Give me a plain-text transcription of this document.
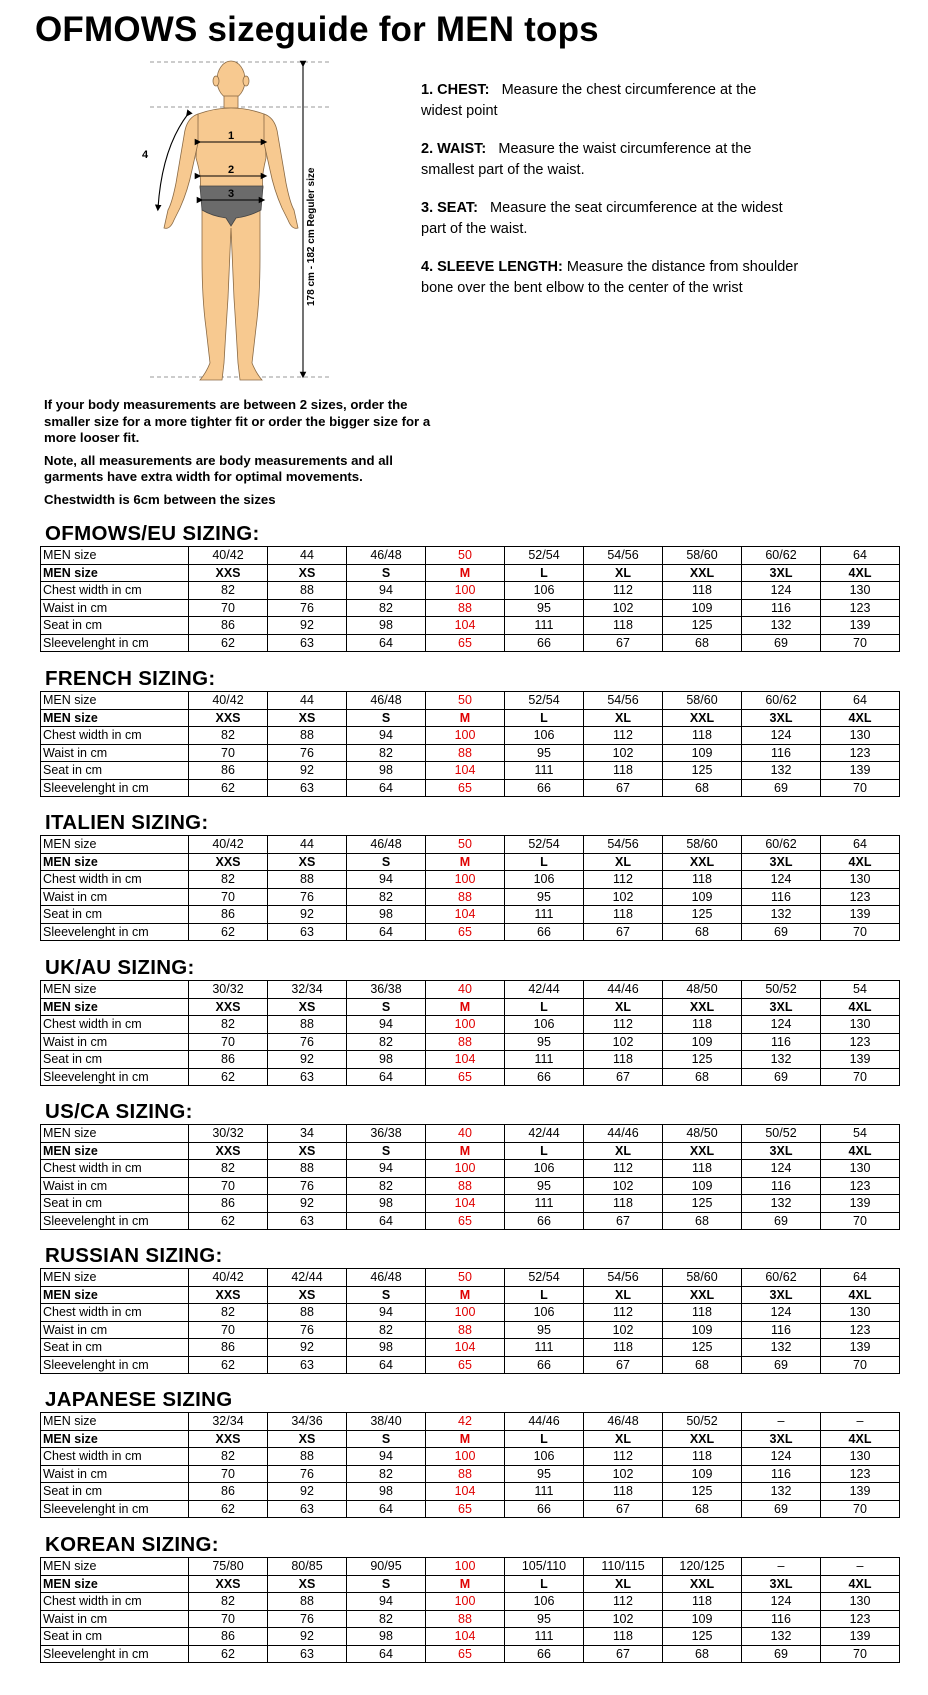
OFMOWS sizeguide for MEN tops
1
2
3
4
178 cm - 182 cm Reguler size

1. CHEST: Measure the chest circumference at the widest point

2. WAIST: Measure the waist circumference at the smallest part of the waist.

3. SEAT: Measure the seat circumference at the widest part of the waist.

4. SLEEVE LENGTH: Measure the distance from shoulder bone over the bent elbow to the center of the wrist

If your body measurements are between 2 sizes, order the smaller size for a more tighter fit or order the bigger size for a more looser fit.

Note, all measurements are body measurements and all garments have extra width for optimal movements.

Chestwidth is 6cm between the sizes

OFMOWS/EU SIZING:
MEN size	40/42	44	46/48	50	52/54	54/56	58/60	60/62	64
MEN size	XXS	XS	S	M	L	XL	XXL	3XL	4XL
Chest width in cm	82	88	94	100	106	112	118	124	130
Waist in cm	70	76	82	88	95	102	109	116	123
Seat in cm	86	92	98	104	111	118	125	132	139
Sleevelenght in cm	62	63	64	65	66	67	68	69	70
FRENCH SIZING:
MEN size	40/42	44	46/48	50	52/54	54/56	58/60	60/62	64
MEN size	XXS	XS	S	M	L	XL	XXL	3XL	4XL
Chest width in cm	82	88	94	100	106	112	118	124	130
Waist in cm	70	76	82	88	95	102	109	116	123
Seat in cm	86	92	98	104	111	118	125	132	139
Sleevelenght in cm	62	63	64	65	66	67	68	69	70
ITALIEN SIZING:
MEN size	40/42	44	46/48	50	52/54	54/56	58/60	60/62	64
MEN size	XXS	XS	S	M	L	XL	XXL	3XL	4XL
Chest width in cm	82	88	94	100	106	112	118	124	130
Waist in cm	70	76	82	88	95	102	109	116	123
Seat in cm	86	92	98	104	111	118	125	132	139
Sleevelenght in cm	62	63	64	65	66	67	68	69	70
UK/AU SIZING:
MEN size	30/32	32/34	36/38	40	42/44	44/46	48/50	50/52	54
MEN size	XXS	XS	S	M	L	XL	XXL	3XL	4XL
Chest width in cm	82	88	94	100	106	112	118	124	130
Waist in cm	70	76	82	88	95	102	109	116	123
Seat in cm	86	92	98	104	111	118	125	132	139
Sleevelenght in cm	62	63	64	65	66	67	68	69	70
US/CA SIZING:
MEN size	30/32	34	36/38	40	42/44	44/46	48/50	50/52	54
MEN size	XXS	XS	S	M	L	XL	XXL	3XL	4XL
Chest width in cm	82	88	94	100	106	112	118	124	130
Waist in cm	70	76	82	88	95	102	109	116	123
Seat in cm	86	92	98	104	111	118	125	132	139
Sleevelenght in cm	62	63	64	65	66	67	68	69	70
RUSSIAN SIZING:
MEN size	40/42	42/44	46/48	50	52/54	54/56	58/60	60/62	64
MEN size	XXS	XS	S	M	L	XL	XXL	3XL	4XL
Chest width in cm	82	88	94	100	106	112	118	124	130
Waist in cm	70	76	82	88	95	102	109	116	123
Seat in cm	86	92	98	104	111	118	125	132	139
Sleevelenght in cm	62	63	64	65	66	67	68	69	70
JAPANESE SIZING
MEN size	32/34	34/36	38/40	42	44/46	46/48	50/52	–	–
MEN size	XXS	XS	S	M	L	XL	XXL	3XL	4XL
Chest width in cm	82	88	94	100	106	112	118	124	130
Waist in cm	70	76	82	88	95	102	109	116	123
Seat in cm	86	92	98	104	111	118	125	132	139
Sleevelenght in cm	62	63	64	65	66	67	68	69	70
KOREAN SIZING:
MEN size	75/80	80/85	90/95	100	105/110	110/115	120/125	–	–
MEN size	XXS	XS	S	M	L	XL	XXL	3XL	4XL
Chest width in cm	82	88	94	100	106	112	118	124	130
Waist in cm	70	76	82	88	95	102	109	116	123
Seat in cm	86	92	98	104	111	118	125	132	139
Sleevelenght in cm	62	63	64	65	66	67	68	69	70
